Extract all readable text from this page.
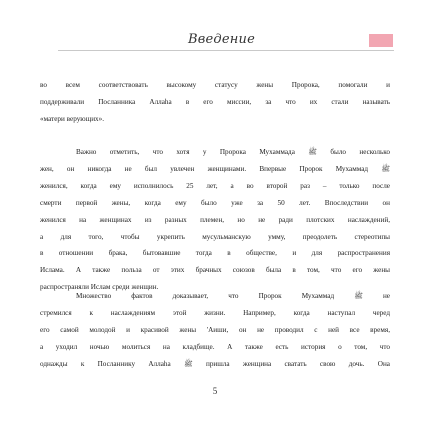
Введение
во всем соответствовать высокому статусу жены Пророка, помогали и
поддерживали Посланника Аллаһа в его миссии, за что их стали называть
«матери верующих».
Важно отметить, что хотя у Пророка Мухаммада ﷺ было несколько
жен, он никогда не был увлечен женщинами. Впервые Пророк Мухаммад ﷺ
женился, когда ему исполнилось 25 лет, а во второй раз – только после
смерти первой жены, когда ему было уже за 50 лет. Впоследствии он
женился на женщинах из разных племен, но не ради плотских наслаждений,
а для того, чтобы укрепить мусульманскую умму, преодолеть стереотипы
в отношении брака, бытовавшие тогда в обществе, и для распространения
Ислама. А также польза от этих брачных союзов была в том, что его жены
распространяли Ислам среди женщин.
Множество фактов доказывает, что Пророк Мухаммад ﷺ не
стремился к наслаждениям этой жизни. Например, когда наступал черед
его самой молодой и красивой жены 'Аиши, он не проводил с ней все время,
а уходил ночью молиться на кладбище. А также есть история о том, что
однажды к Посланнику Аллаһа ﷺ пришла женщина сватать свою дочь. Она
5
